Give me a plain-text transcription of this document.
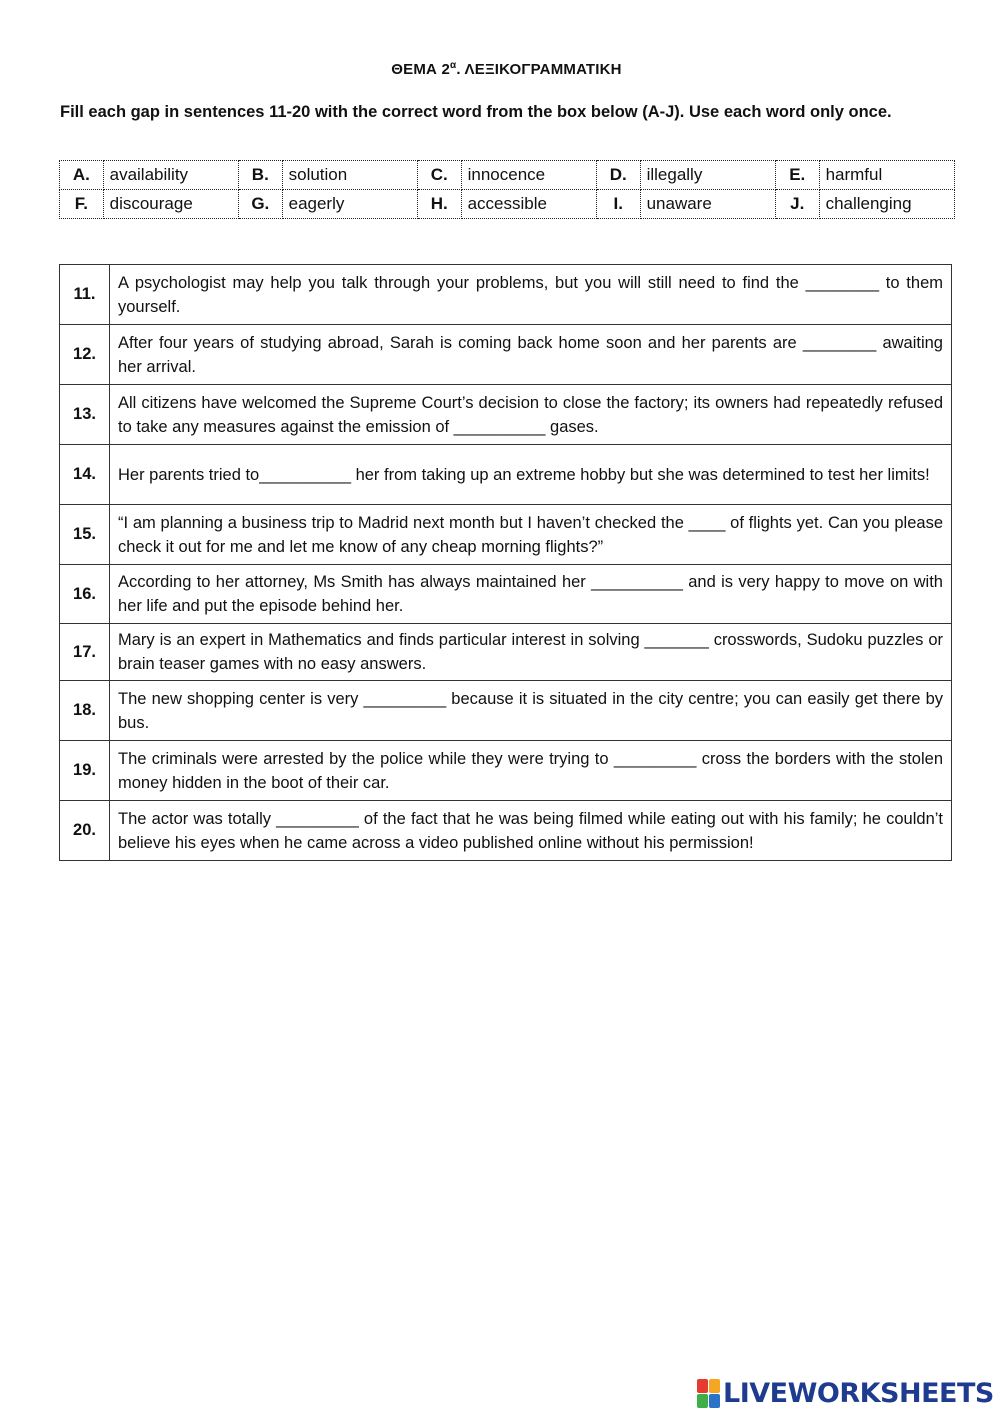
ΘΕΜΑ $2^\alpha$. ΛΕΞΙΚΟΓΡΑΜΜΑΤΙΚΗ
Fill each gap in sentences 11-20 with the correct word from the box below (A-J). Use each word only once.
A.	availability	B.	solution	C.	innocence	D.	illegally	E.	harmful
F.	discourage	G.	eagerly	H.	accessible	I.	unaware	J.	challenging
11.	A psychologist may help you talk through your problems, but you will still need to find the ________ to them yourself.
12.	After four years of studying abroad, Sarah is coming back home soon and her parents are ________ awaiting her arrival.
13.	All citizens have welcomed the Supreme Court’s decision to close the factory; its owners had repeatedly refused to take any measures against the emission of __________ gases.
14.	Her parents tried to__________ her from taking up an extreme hobby but she was determined to test her limits!
15.	“I am planning a business trip to Madrid next month but I haven’t checked the ____ of flights yet. Can you please check it out for me and let me know of any cheap morning flights?”
16.	According to her attorney, Ms Smith has always maintained her __________ and is very happy to move on with her life and put the episode behind her.
17.	Mary is an expert in Mathematics and finds particular interest in solving _______ crosswords, Sudoku puzzles or brain teaser games with no easy answers.
18.	The new shopping center is very _________ because it is situated in the city centre; you can easily get there by bus.
19.	The criminals were arrested by the police while they were trying to _________ cross the borders with the stolen money hidden in the boot of their car.
20.	The actor was totally _________ of the fact that he was being filmed while eating out with his family; he couldn’t believe his eyes when he came across a video published online without his permission!
LIVEWORKSHEETS
